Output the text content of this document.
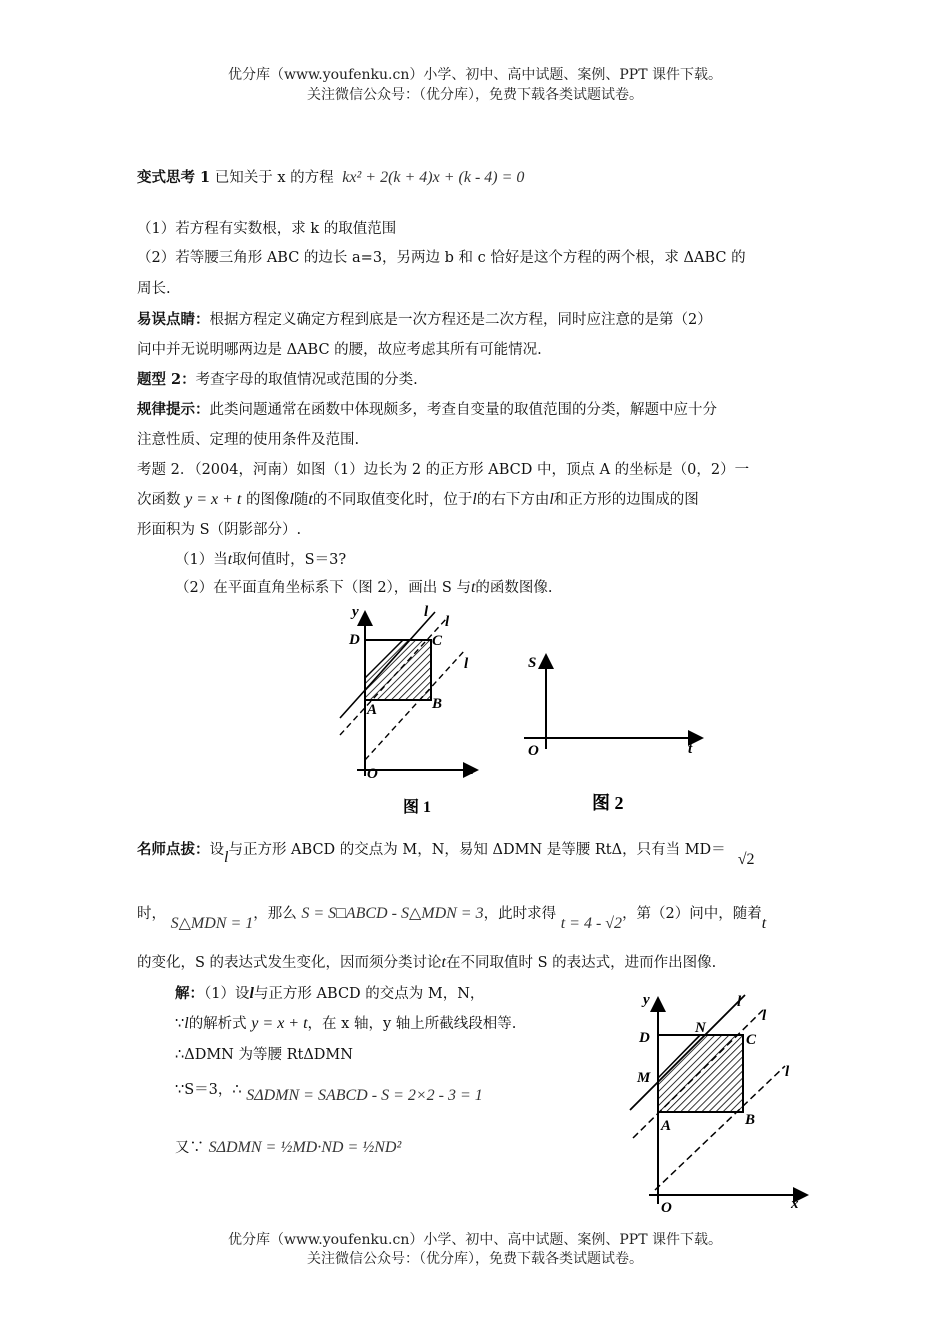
优分库（www.youfenku.cn）小学、初中、高中试题、案例、PPT 课件下载。
关注微信公众号：（优分库），免费下载各类试题试卷。
变式思考 1 已知关于 x 的方程 kx² + 2(k + 4)x + (k - 4) = 0
（1）若方程有实数根，求 k 的取值范围
（2）若等腰三角形 ABC 的边长 a=3，另两边 b 和 c 恰好是这个方程的两个根，求 ΔABC 的
周长.
易误点睛：根据方程定义确定方程到底是一次方程还是二次方程，同时应注意的是第（2）
问中并无说明哪两边是 ΔABC 的腰，故应考虑其所有可能情况.
题型 2：考查字母的取值情况或范围的分类.
规律提示：此类问题通常在函数中体现颇多，考查自变量的取值范围的分类，解题中应十分
注意性质、定理的使用条件及范围.
考题 2．（2004，河南）如图（1）边长为 2 的正方形 ABCD 中，顶点 A 的坐标是（0，2）一
次函数 y = x + t 的图像l随t的不同取值变化时，位于l的右下方由l和正方形的边围成的图
形面积为 S（阴影部分）.
（1）当t取何值时，S＝3?
（2）在平面直角坐标系下（图 2），画出 S 与t的函数图像.
y
x
O
D	C
A	B
l
l
l
图 1
S
O	t
图 2
名师点拔：设l与正方形 ABCD 的交点为 M，N，易知 ΔDMN 是等腰 RtΔ，只有当 MD＝√2
时， S△MDN = 1，那么 S = S□ABCD - S△MDN = 3，此时求得 t = 4 - √2，第（2）问中，随着t
的变化，S 的表达式发生变化，因而须分类讨论t在不同取值时 S 的表达式，进而作出图像.
解：（1）设l与正方形 ABCD 的交点为 M，N，
∵l的解析式 y = x + t，在 x 轴，y 轴上所截线段相等.
∴ΔDMN 为等腰 RtΔDMN
∵S＝3，∴ SΔDMN = SABCD - S = 2×2 - 3 = 1
又∵ SΔDMN = ½MD·ND = ½ND²
y
x
O
D	C
A	B
M
N
l
l
l
优分库（www.youfenku.cn）小学、初中、高中试题、案例、PPT 课件下载。
关注微信公众号：（优分库），免费下载各类试题试卷。
